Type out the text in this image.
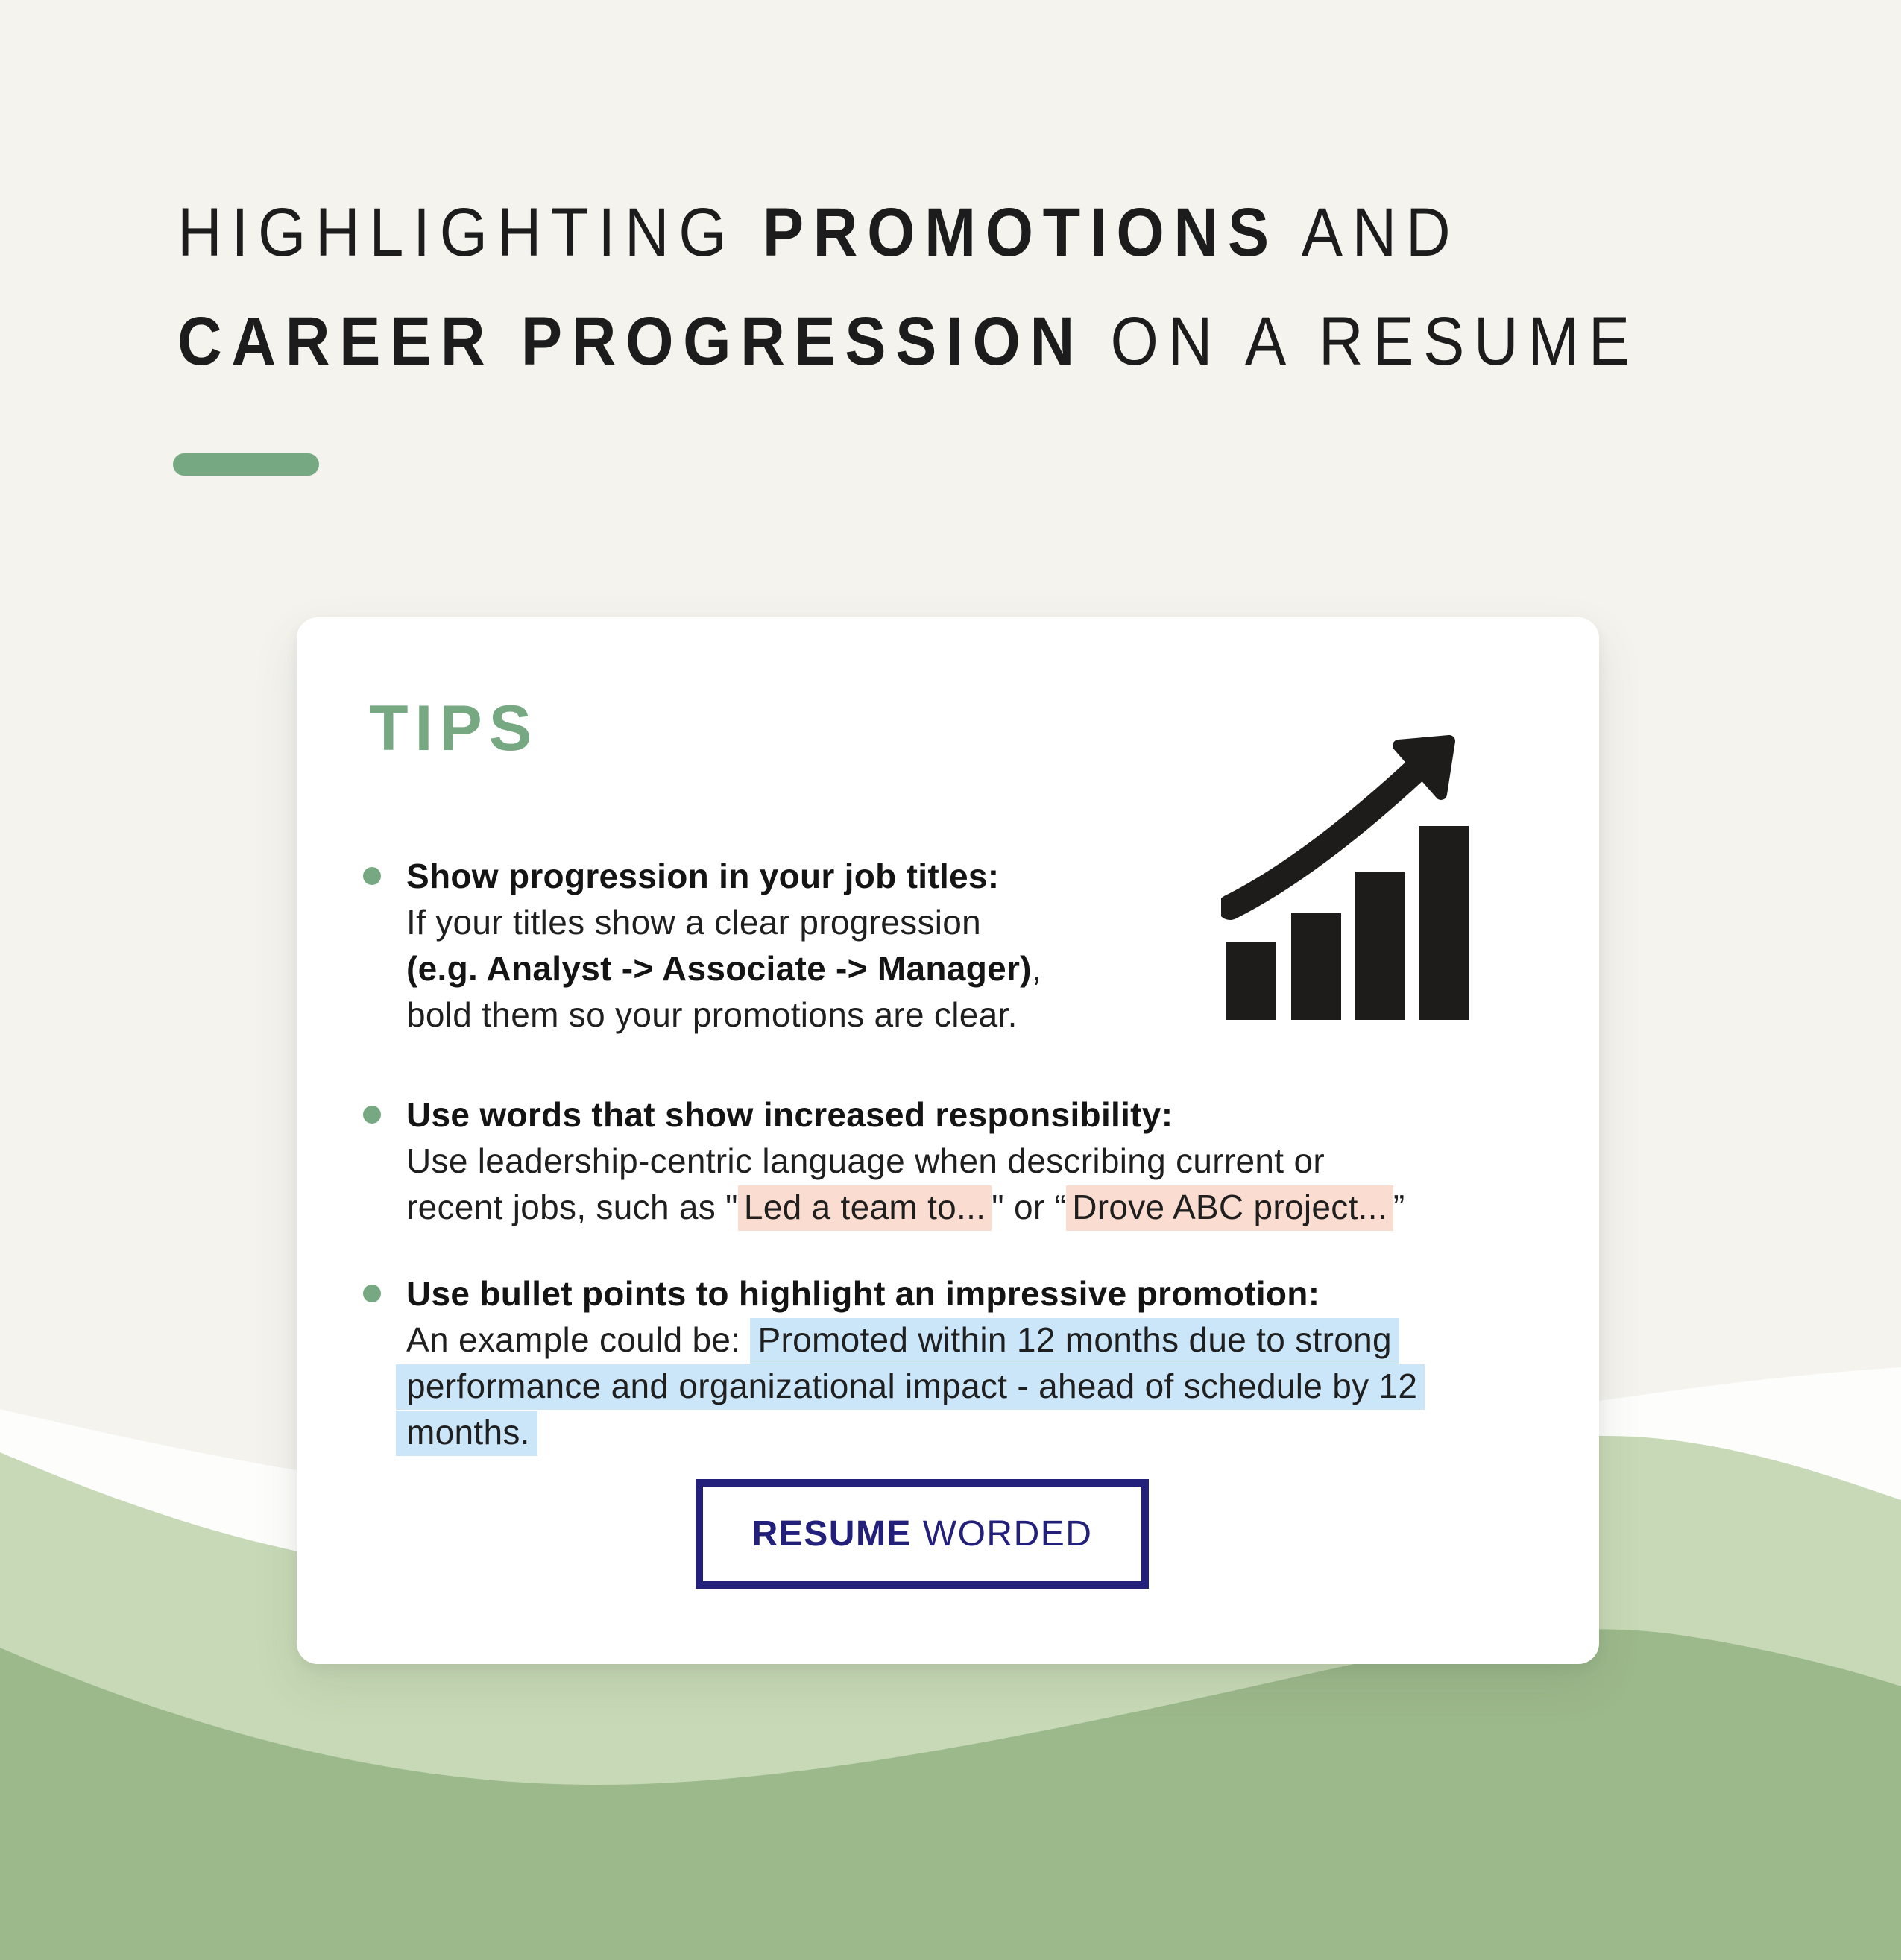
HIGHLIGHTING PROMOTIONS AND
CAREER PROGRESSION ON A RESUME
TIPS
Show progression in your job titles:
If your titles show a clear progression
(e.g. Analyst -> Associate -> Manager),
bold them so your promotions are clear.
Use words that show increased responsibility:
Use leadership-centric language when describing current or
recent jobs, such as " Led a team to... " or “ Drove ABC project... ”
Use bullet points to highlight an impressive promotion:
An example could be: Promoted within 12 months due to strong
performance and organizational impact - ahead of schedule by 12
months.
RESUME WORDED
